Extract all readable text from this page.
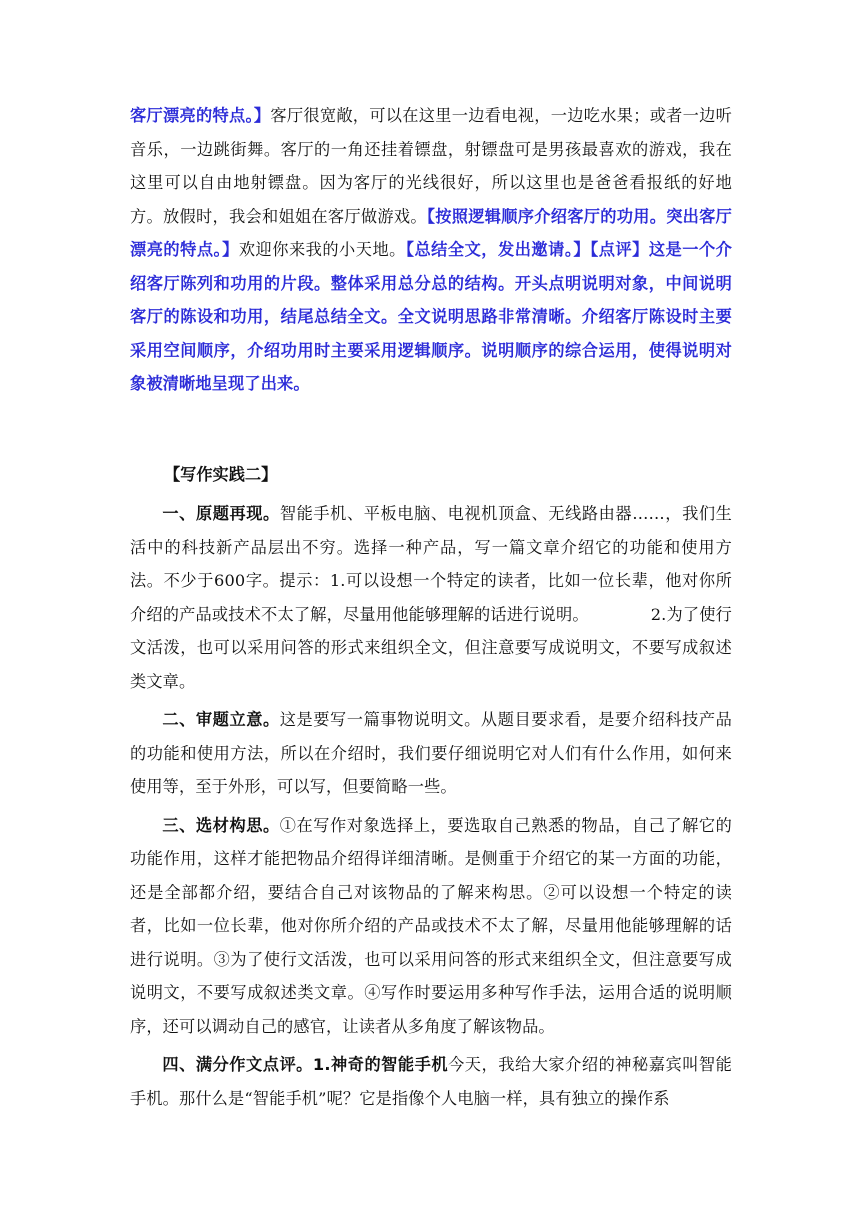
客厅漂亮的特点。】客厅很宽敞，可以在这里一边看电视，一边吃水果；或者一边听音乐，一边跳街舞。客厅的一角还挂着镖盘，射镖盘可是男孩最喜欢的游戏，我在这里可以自由地射镖盘。因为客厅的光线很好，所以这里也是爸爸看报纸的好地方。放假时，我会和姐姐在客厅做游戏。【按照逻辑顺序介绍客厅的功用。突出客厅漂亮的特点。】欢迎你来我的小天地。【总结全文，发出邀请。】【点评】这是一个介绍客厅陈列和功用的片段。整体采用总分总的结构。开头点明说明对象，中间说明客厅的陈设和功用，结尾总结全文。全文说明思路非常清晰。介绍客厅陈设时主要采用空间顺序，介绍功用时主要采用逻辑顺序。说明顺序的综合运用，使得说明对象被清晰地呈现了出来。
【写作实践二】

一、原题再现。智能手机、平板电脑、电视机顶盒、无线路由器……，我们生活中的科技新产品层出不穷。选择一种产品，写一篇文章介绍它的功能和使用方法。不少于600字。提示：1.可以设想一个特定的读者，比如一位长辈，他对你所介绍的产品或技术不太了解，尽量用他能够理解的话进行说明。	2.为了使行文活泼，也可以采用问答的形式来组织全文，但注意要写成说明文，不要写成叙述类文章。

二、审题立意。这是要写一篇事物说明文。从题目要求看，是要介绍科技产品的功能和使用方法，所以在介绍时，我们要仔细说明它对人们有什么作用，如何来使用等，至于外形，可以写，但要简略一些。

三、选材构思。①在写作对象选择上，要选取自己熟悉的物品，自己了解它的功能作用，这样才能把物品介绍得详细清晰。是侧重于介绍它的某一方面的功能，还是全部都介绍，要结合自己对该物品的了解来构思。②可以设想一个特定的读者，比如一位长辈，他对你所介绍的产品或技术不太了解，尽量用他能够理解的话进行说明。③为了使行文活泼，也可以采用问答的形式来组织全文，但注意要写成说明文，不要写成叙述类文章。④写作时要运用多种写作手法，运用合适的说明顺序，还可以调动自己的感官，让读者从多角度了解该物品。

四、满分作文点评。1.神奇的智能手机今天，我给大家介绍的神秘嘉宾叫智能手机。那什么是“智能手机”呢？它是指像个人电脑一样，具有独立的操作系
